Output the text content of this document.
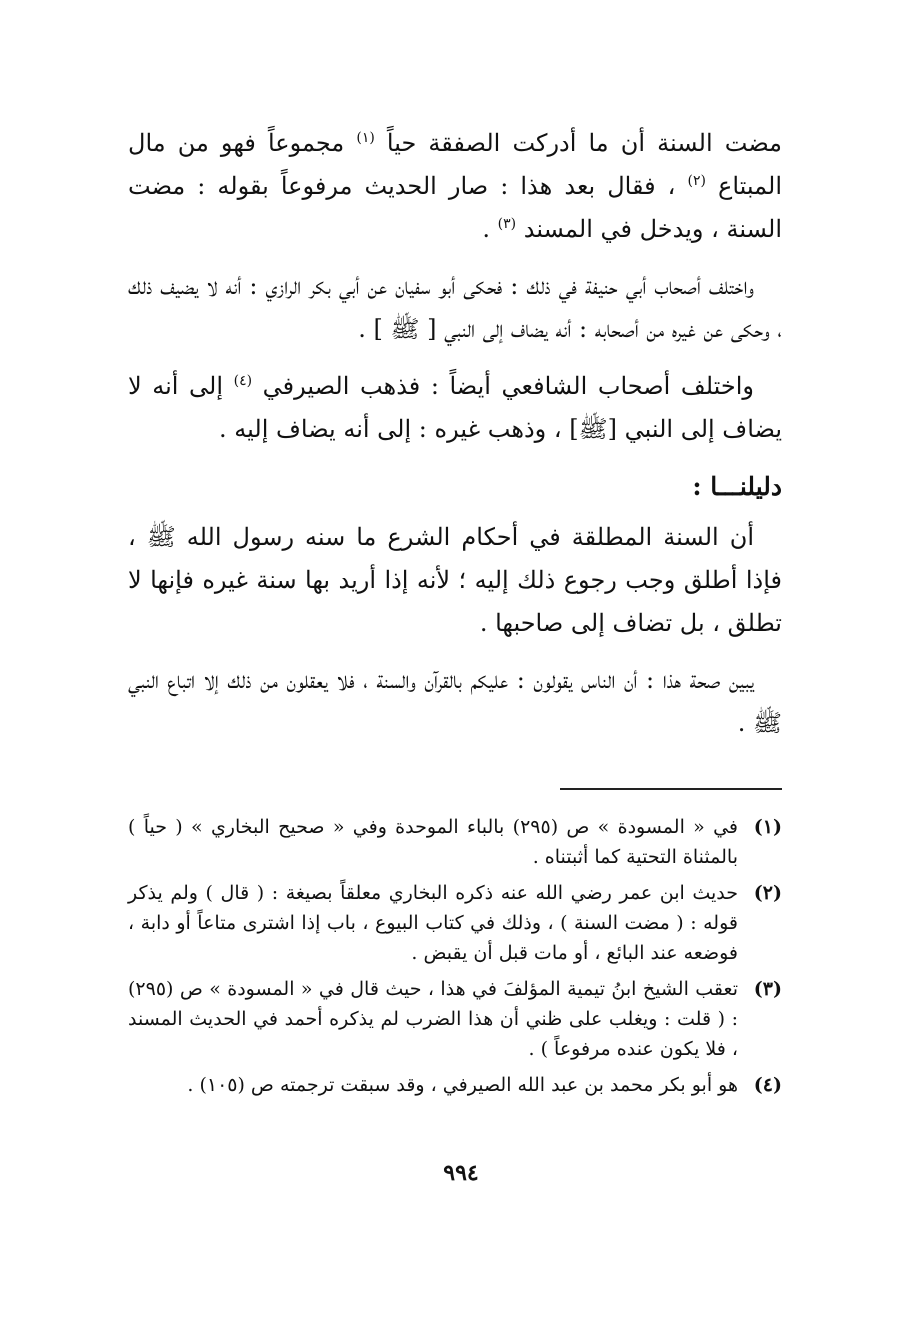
مضت السنة أن ما أدركت الصفقة حياً $^{(١)}$ مجموعاً فهو من مال المبتاع $^{(٢)}$ ، فقال بعد هذا : صار الحديث مرفوعاً بقوله : مضت السنة ، ويدخل في المسند $^{(٣)}$ .

واختلف أصحاب أبي حنيفة في ذلك : فحكى أبو سفيان عن أبي بكر الرازي : أنه لا يضيف ذلك ، وحكى عن غيره من أصحابه : أنه يضاف إلى النبي [ ﷺ ] .

واختلف أصحاب الشافعي أيضاً : فذهب الصيرفي $^{(٤)}$ إلى أنه لا يضاف إلى النبي [ﷺ] ، وذهب غيره : إلى أنه يضاف إليه .

دليلنـــا :

أن السنة المطلقة في أحكام الشرع ما سنه رسول الله ﷺ ، فإذا أطلق وجب رجوع ذلك إليه ؛ لأنه إذا أريد بها سنة غيره فإنها لا تطلق ، بل تضاف إلى صاحبها .

يبين صحة هذا : أن الناس يقولون : عليكم بالقرآن والسنة ، فلا يعقلون من ذلك إلا اتباع النبي ﷺ .

(١)
في « المسودة » ص (٢٩٥) بالباء الموحدة وفي « صحيح البخاري » ( حياً ) بالمثناة التحتية كما أثبتناه .
(٢)
حديث ابن عمر رضي الله عنه ذكره البخاري معلقاً بصيغة : ( قال ) ولم يذكر قوله : ( مضت السنة ) ، وذلك في كتاب البيوع ، باب إذا اشترى متاعاً أو دابة ، فوضعه عند البائع ، أو مات قبل أن يقبض .
(٣)
تعقب الشيخ ابنُ تيمية المؤلفَ في هذا ، حيث قال في « المسودة » ص (٢٩٥) : ( قلت : ويغلب على ظني أن هذا الضرب لم يذكره أحمد في الحديث المسند ، فلا يكون عنده مرفوعاً ) .
(٤)
هو أبو بكر محمد بن عبد الله الصيرفي ، وقد سبقت ترجمته ص (١٠٥) .
٩٩٤
